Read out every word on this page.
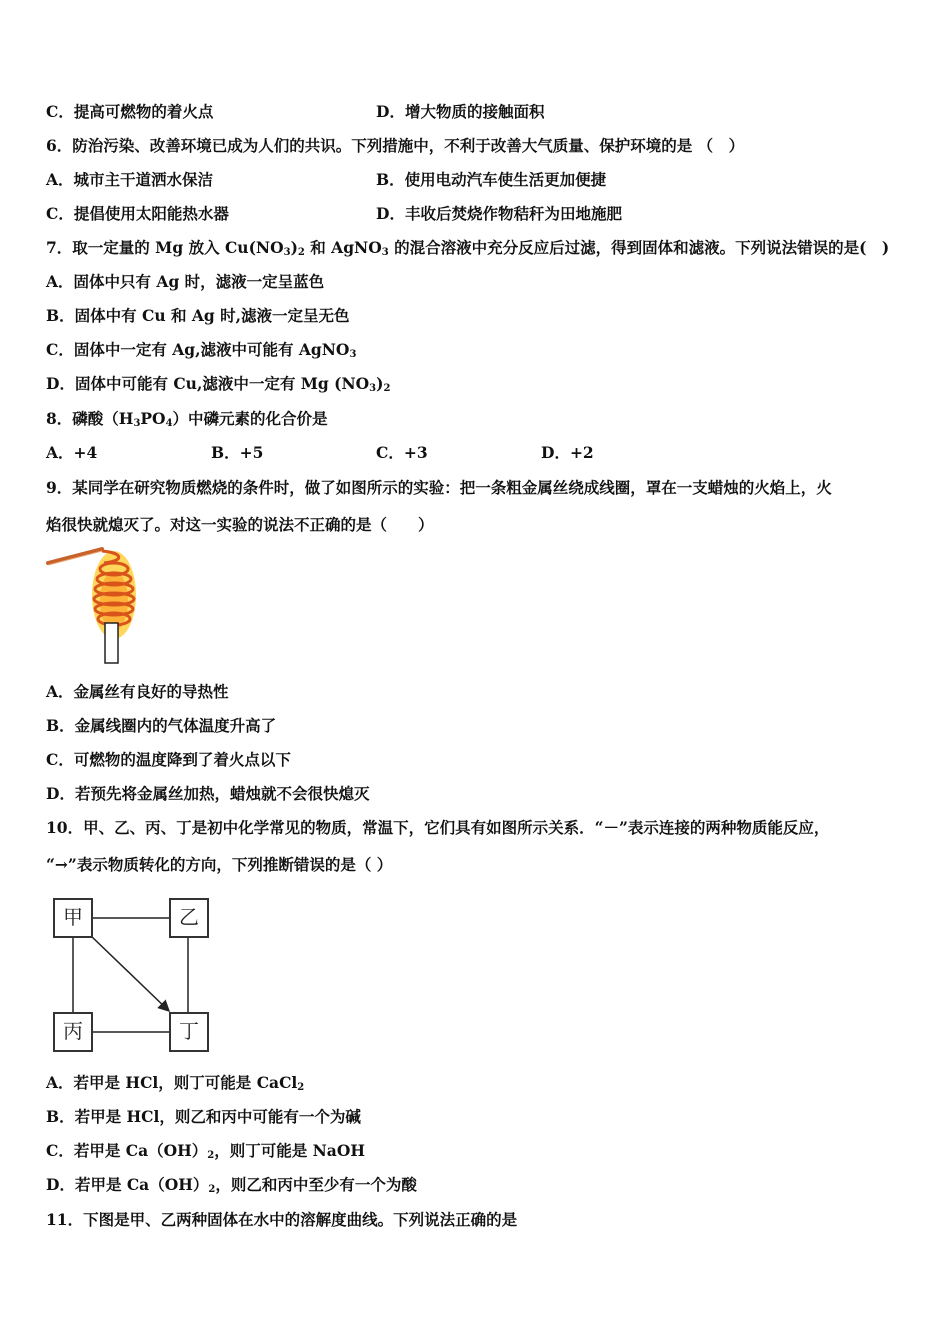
C．提高可燃物的着火点	D．增大物质的接触面积
6．防治污染、改善环境已成为人们的共识。下列措施中，不利于改善大气质量、保护环境的是 （　）
A．城市主干道洒水保洁	B．使用电动汽车使生活更加便捷
C．提倡使用太阳能热水器	D．丰收后焚烧作物秸秆为田地施肥
7．取一定量的 Mg 放入 $Cu(NO_3)_2$ 和 AgNO$_3$ 的混合溶液中充分反应后过滤，得到固体和滤液。下列说法错误的是(　)
A．固体中只有 Ag 时，滤液一定呈蓝色
B．固体中有 Cu 和 Ag 时,滤液一定呈无色
C．固体中一定有 Ag,滤液中可能有 AgNO$_3$
D．固体中可能有 Cu,滤液中一定有 Mg $(NO_3)_2$
8．磷酸$(H_3PO_4)$中磷元素的化合价是
A．+4	B．+5	C．+3	D．+2
9．某同学在研究物质燃烧的条件时，做了如图所示的实验：把一条粗金属丝绕成线圈，罩在一支蜡烛的火焰上，火
焰很快就熄灭了。对这一实验的说法不正确的是（　　）
A．金属丝有良好的导热性
B．金属线圈内的气体温度升高了
C．可燃物的温度降到了着火点以下
D．若预先将金属丝加热，蜡烛就不会很快熄灭
10．甲、乙、丙、丁是初中化学常见的物质，常温下，它们具有如图所示关系．“－”表示连接的两种物质能反应，
“→”表示物质转化的方向，下列推断错误的是（ ）
甲	乙
丙	丁
A．若甲是 HCl，则丁可能是 CaCl$_2$
B．若甲是 HCl，则乙和丙中可能有一个为碱
C．若甲是 $Ca(OH)_2$，则丁可能是 NaOH
D．若甲是 $Ca(OH)_2$，则乙和丙中至少有一个为酸
11．下图是甲、乙两种固体在水中的溶解度曲线。下列说法正确的是
